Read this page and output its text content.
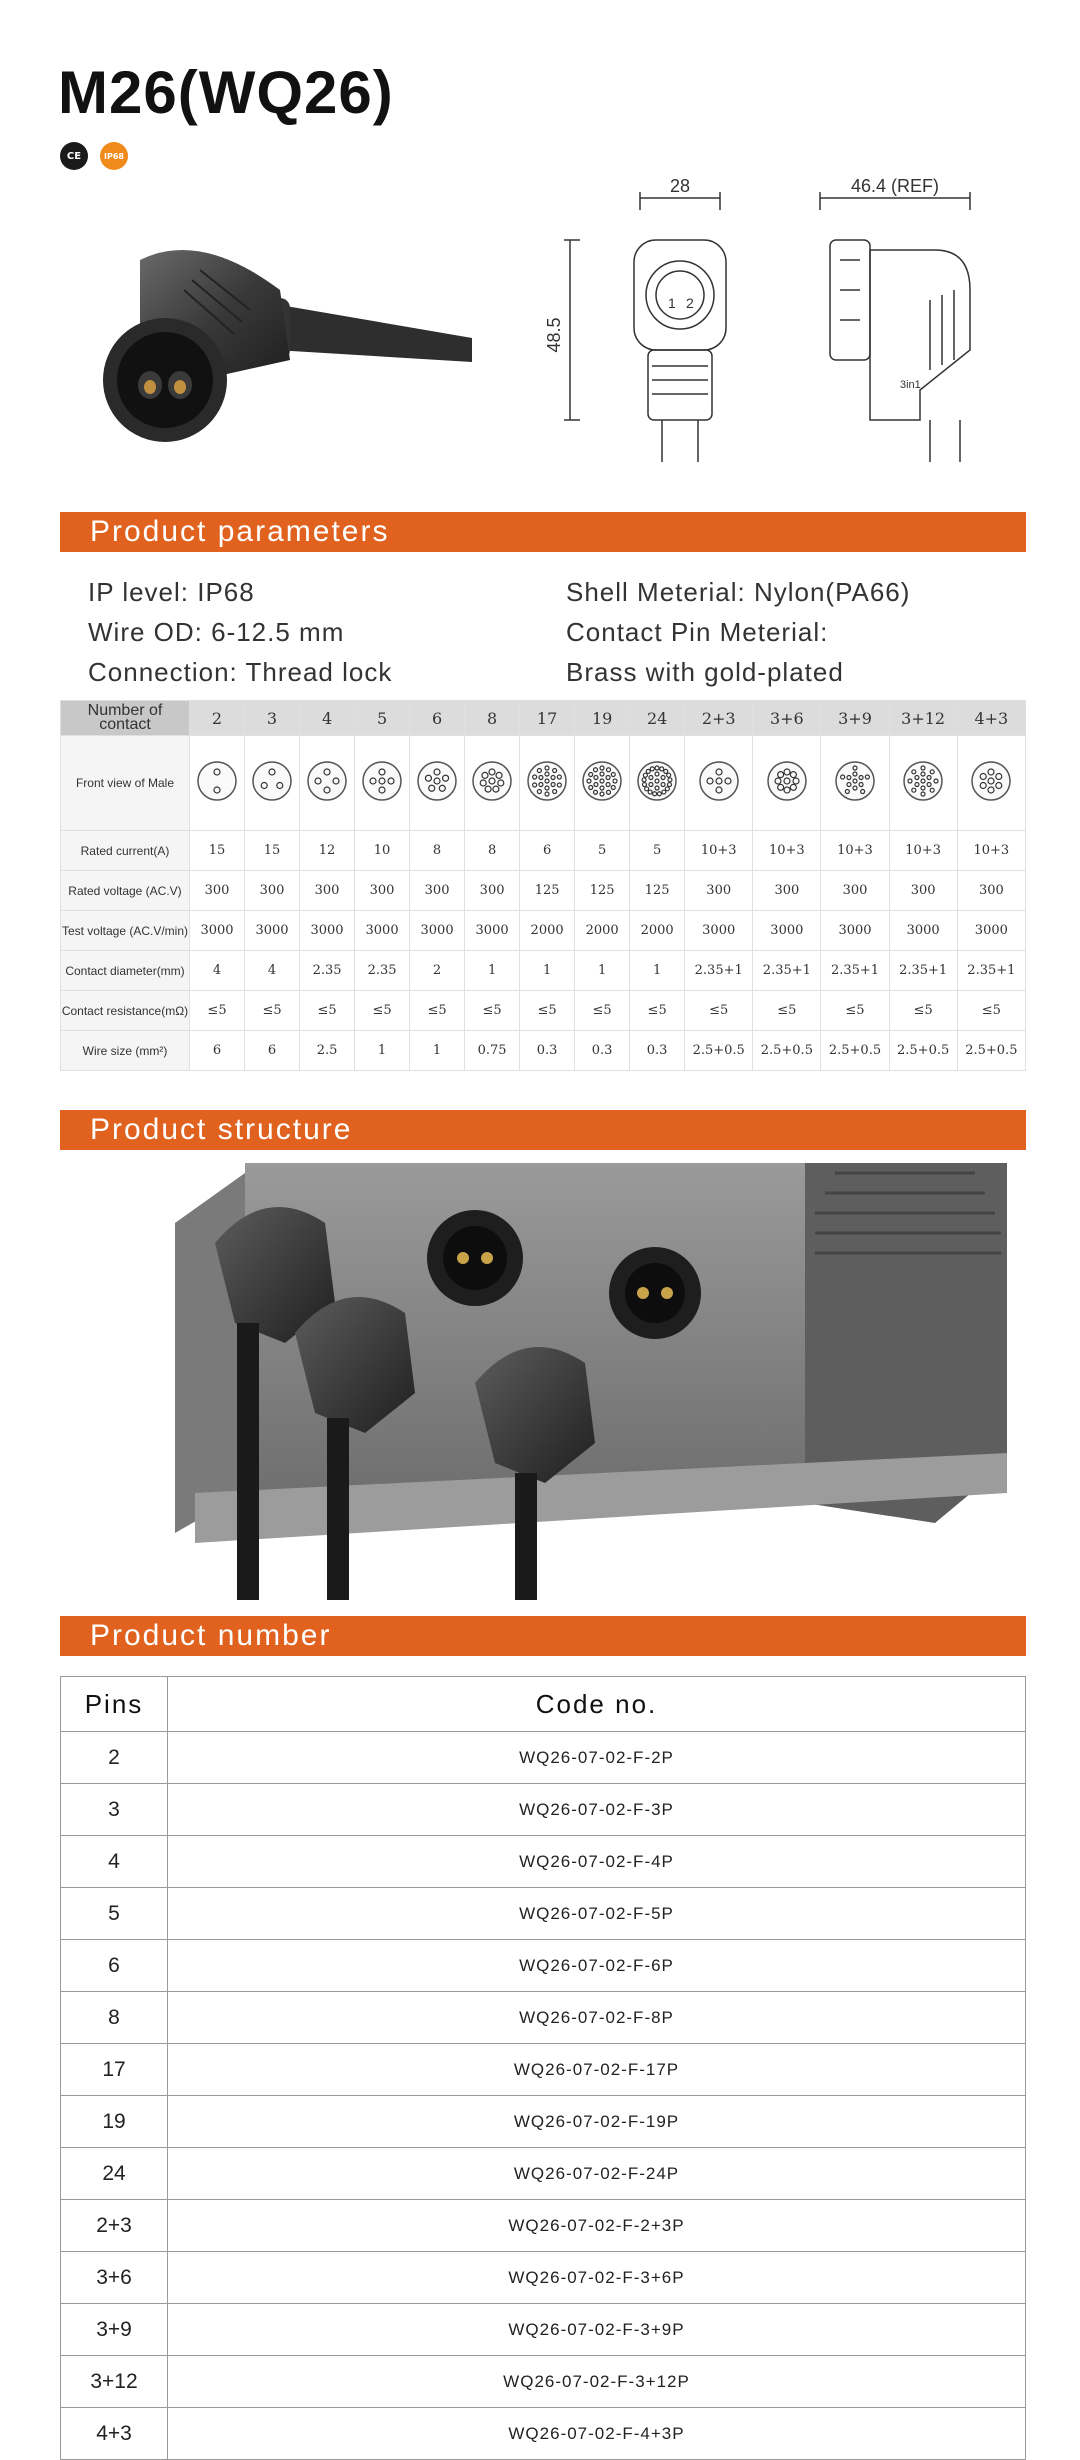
M26(WQ26)
CE	IP68
28
48.5
46.4 (REF)
1 2
3in1
Product parameters
IP level: IP68	Shell Meterial: Nylon(PA66)
Wire OD: 6-12.5 mm	Contact Pin Meterial:
Connection: Thread lock	Brass with gold-plated
Number of contact	2	3	4	5	6	8	17	19	24	2+3	3+6	3+9	3+12	4+3
Front view of Male														
Rated current(A)	15	15	12	10	8	8	6	5	5	10+3	10+3	10+3	10+3	10+3
Rated voltage (AC.V)	300	300	300	300	300	300	125	125	125	300	300	300	300	300
Test voltage (AC.V/min)	3000	3000	3000	3000	3000	3000	2000	2000	2000	3000	3000	3000	3000	3000
Contact diameter(mm)	4	4	2.35	2.35	2	1	1	1	1	2.35+1	2.35+1	2.35+1	2.35+1	2.35+1
Contact resistance(mΩ)	≤5	≤5	≤5	≤5	≤5	≤5	≤5	≤5	≤5	≤5	≤5	≤5	≤5	≤5
Wire size (mm²)	6	6	2.5	1	1	0.75	0.3	0.3	0.3	2.5+0.5	2.5+0.5	2.5+0.5	2.5+0.5	2.5+0.5
Product structure
Product number
Pins	Code no.
2	WQ26-07-02-F-2P
3	WQ26-07-02-F-3P
4	WQ26-07-02-F-4P
5	WQ26-07-02-F-5P
6	WQ26-07-02-F-6P
8	WQ26-07-02-F-8P
17	WQ26-07-02-F-17P
19	WQ26-07-02-F-19P
24	WQ26-07-02-F-24P
2+3	WQ26-07-02-F-2+3P
3+6	WQ26-07-02-F-3+6P
3+9	WQ26-07-02-F-3+9P
3+12	WQ26-07-02-F-3+12P
4+3	WQ26-07-02-F-4+3P
